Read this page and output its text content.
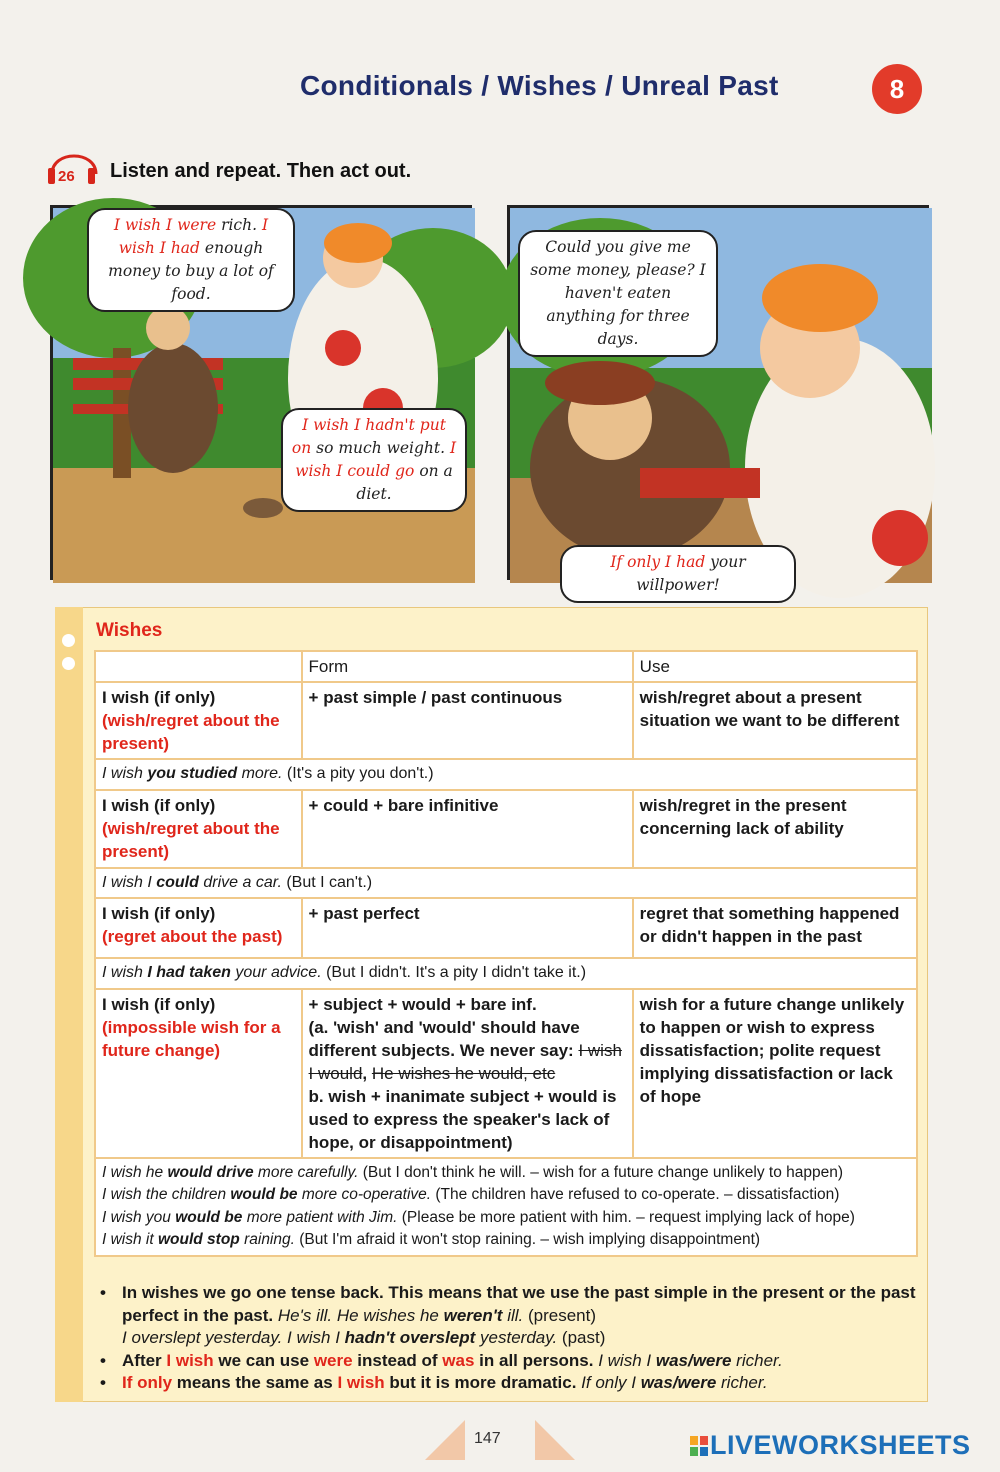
Conditionals / Wishes / Unreal Past	8
26 Listen and repeat. Then act out.
I wish I were rich. I wish I had enough money to buy a lot of food.
I wish I hadn't put on so much weight. I wish I could go on a diet.
Could you give me some money, please? I haven't eaten anything for three days.
If only I had your willpower!
Wishes
	Form	Use
I wish (if only)
(wish/regret about the present)	+ past simple / past continuous	wish/regret about a present situation we want to be different
I wish you studied more. (It's a pity you don't.)		
I wish (if only)
(wish/regret about the present)	+ could + bare infinitive	wish/regret in the present concerning lack of ability
I wish I could drive a car. (But I can't.)		
I wish (if only)
(regret about the past)	+ past perfect	regret that something happened or didn't happen in the past
I wish I had taken your advice. (But I didn't. It's a pity I didn't take it.)		
I wish (if only)
(impossible wish for a future change)	+ subject + would + bare inf.
(a. 'wish' and 'would' should have different subjects. We never say: I wish I would, He wishes he would, etc
b. wish + inanimate subject + would is used to express the speaker's lack of hope, or disappointment)	wish for a future change unlikely to happen or wish to express dissatisfaction; polite request implying dissatisfaction or lack of hope

I wish he would drive more carefully. (But I don't think he will. – wish for a future change unlikely to happen)
I wish the children would be more co-operative. (The children have refused to co-operate. – dissatisfaction)
I wish you would be more patient with Jim. (Please be more patient with him. – request implying lack of hope)
I wish it would stop raining. (But I'm afraid it won't stop raining. – wish implying disappointment)		
• In wishes we go one tense back. This means that we use the past simple in the present or the past perfect in the past. He's ill. He wishes he weren't ill. (present)
I overslept yesterday. I wish I hadn't overslept yesterday. (past)
• After I wish we can use were instead of was in all persons. I wish I was/were richer.
• If only means the same as I wish but it is more dramatic. If only I was/were richer.
147	LIVEWORKSHEETS
